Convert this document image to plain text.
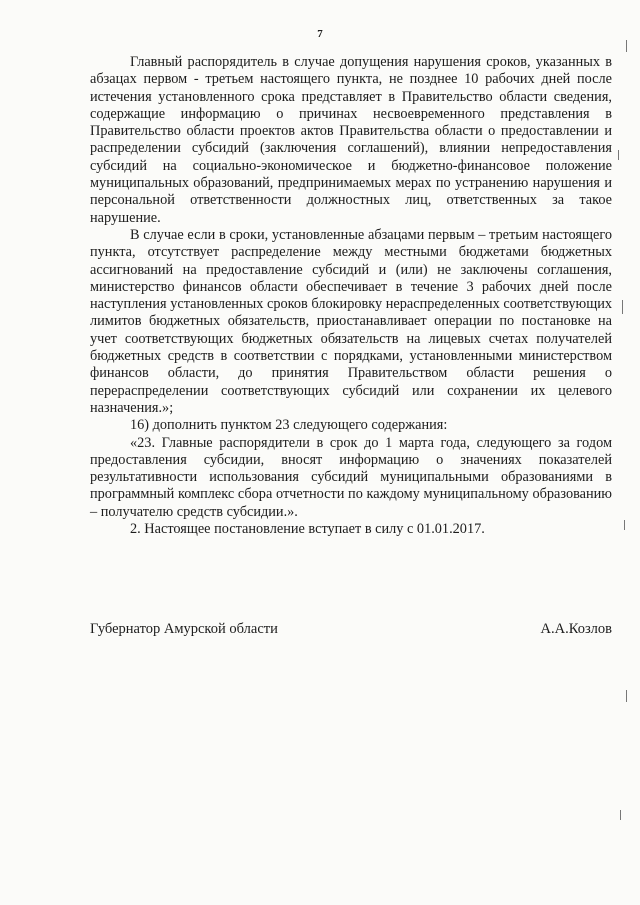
7

Главный распорядитель в случае допущения нарушения сроков, указанных в абзацах первом - третьем настоящего пункта, не позднее 10 рабочих дней после истечения установленного срока представляет в Правительство области сведения, содержащие информацию о причинах несвоевременного представления в Правительство области проектов актов Правительства области о предоставлении и распределении субсидий (заключения соглашений), влиянии непредоставления субсидий на социально-экономическое и бюджетно-финансовое положение муниципальных образований, предпринимаемых мерах по устранению нарушения и персональной ответственности должностных лиц, ответственных за такое нарушение.

В случае если в сроки, установленные абзацами первым – третьим настоящего пункта, отсутствует распределение между местными бюджетами бюджетных ассигнований на предоставление субсидий и (или) не заключены соглашения, министерство финансов области обеспечивает в течение 3 рабочих дней после наступления установленных сроков блокировку нераспределенных соответствующих лимитов бюджетных обязательств, приостанавливает операции по постановке на учет соответствующих бюджетных обязательств на лицевых счетах получателей бюджетных средств в соответствии с порядками, установленными министерством финансов области, до принятия Правительством области решения о перераспределении соответствующих субсидий или сохранении их целевого назначения.»;

16) дополнить пунктом 23 следующего содержания:

«23. Главные распорядители в срок до 1 марта года, следующего за годом предоставления субсидии, вносят информацию о значениях показателей результативности использования субсидий муниципальными образованиями в программный комплекс сбора отчетности по каждому муниципальному образованию – получателю средств субсидии.».

2. Настоящее постановление вступает в силу с 01.01.2017.

Губернатор Амурской области	А.А.Козлов
